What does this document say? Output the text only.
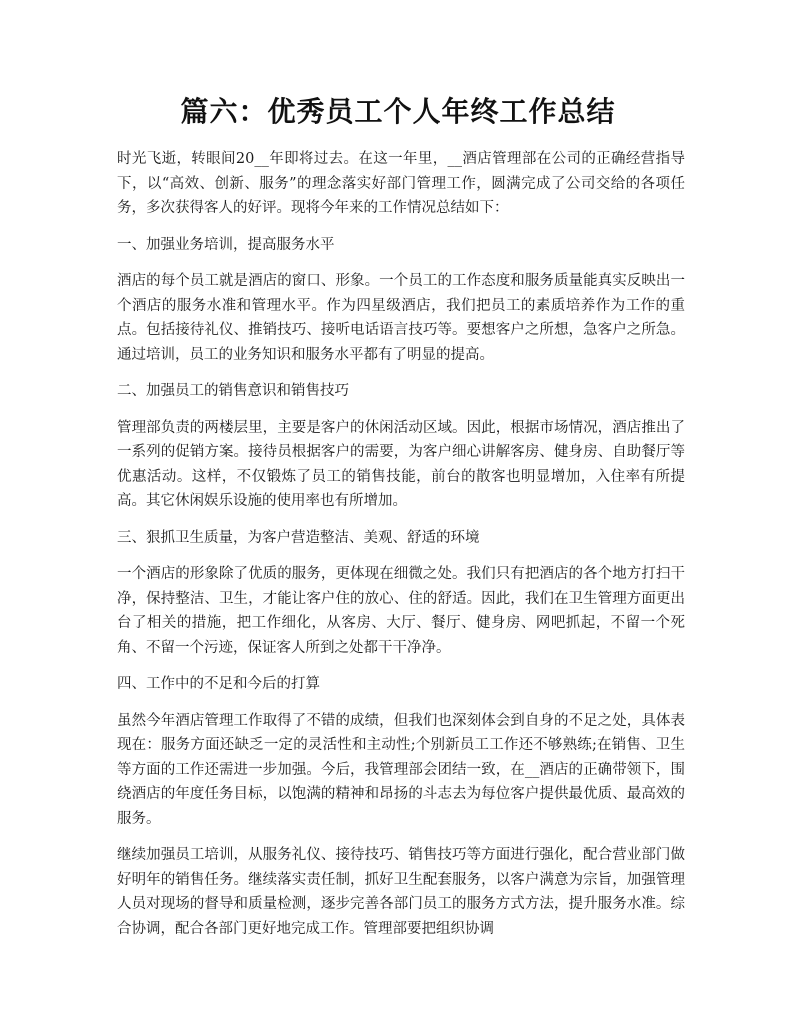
篇六：优秀员工个人年终工作总结

时光飞逝，转眼间20__年即将过去。在这一年里，__酒店管理部在公司的正确经营指导下，以“高效、创新、服务”的理念落实好部门管理工作，圆满完成了公司交给的各项任务，多次获得客人的好评。现将今年来的工作情况总结如下：

一、加强业务培训，提高服务水平

酒店的每个员工就是酒店的窗口、形象。一个员工的工作态度和服务质量能真实反映出一个酒店的服务水准和管理水平。作为四星级酒店，我们把员工的素质培养作为工作的重点。包括接待礼仪、推销技巧、接听电话语言技巧等。要想客户之所想，急客户之所急。通过培训，员工的业务知识和服务水平都有了明显的提高。

二、加强员工的销售意识和销售技巧

管理部负责的两楼层里，主要是客户的休闲活动区域。因此，根据市场情况，酒店推出了一系列的促销方案。接待员根据客户的需要，为客户细心讲解客房、健身房、自助餐厅等优惠活动。这样，不仅锻炼了员工的销售技能，前台的散客也明显增加，入住率有所提高。其它休闲娱乐设施的使用率也有所增加。

三、狠抓卫生质量，为客户营造整洁、美观、舒适的环境

一个酒店的形象除了优质的服务，更体现在细微之处。我们只有把酒店的各个地方打扫干净，保持整洁、卫生，才能让客户住的放心、住的舒适。因此，我们在卫生管理方面更出台了相关的措施，把工作细化，从客房、大厅、餐厅、健身房、网吧抓起，不留一个死角、不留一个污迹，保证客人所到之处都干干净净。

四、工作中的不足和今后的打算

虽然今年酒店管理工作取得了不错的成绩，但我们也深刻体会到自身的不足之处，具体表现在：服务方面还缺乏一定的灵活性和主动性;个别新员工工作还不够熟练;在销售、卫生等方面的工作还需进一步加强。今后，我管理部会团结一致，在__酒店的正确带领下，围绕酒店的年度任务目标，以饱满的精神和昂扬的斗志去为每位客户提供最优质、最高效的服务。

继续加强员工培训，从服务礼仪、接待技巧、销售技巧等方面进行强化，配合营业部门做好明年的销售任务。继续落实责任制，抓好卫生配套服务，以客户满意为宗旨，加强管理人员对现场的督导和质量检测，逐步完善各部门员工的服务方式方法，提升服务水准。综合协调，配合各部门更好地完成工作。管理部要把组织协调
